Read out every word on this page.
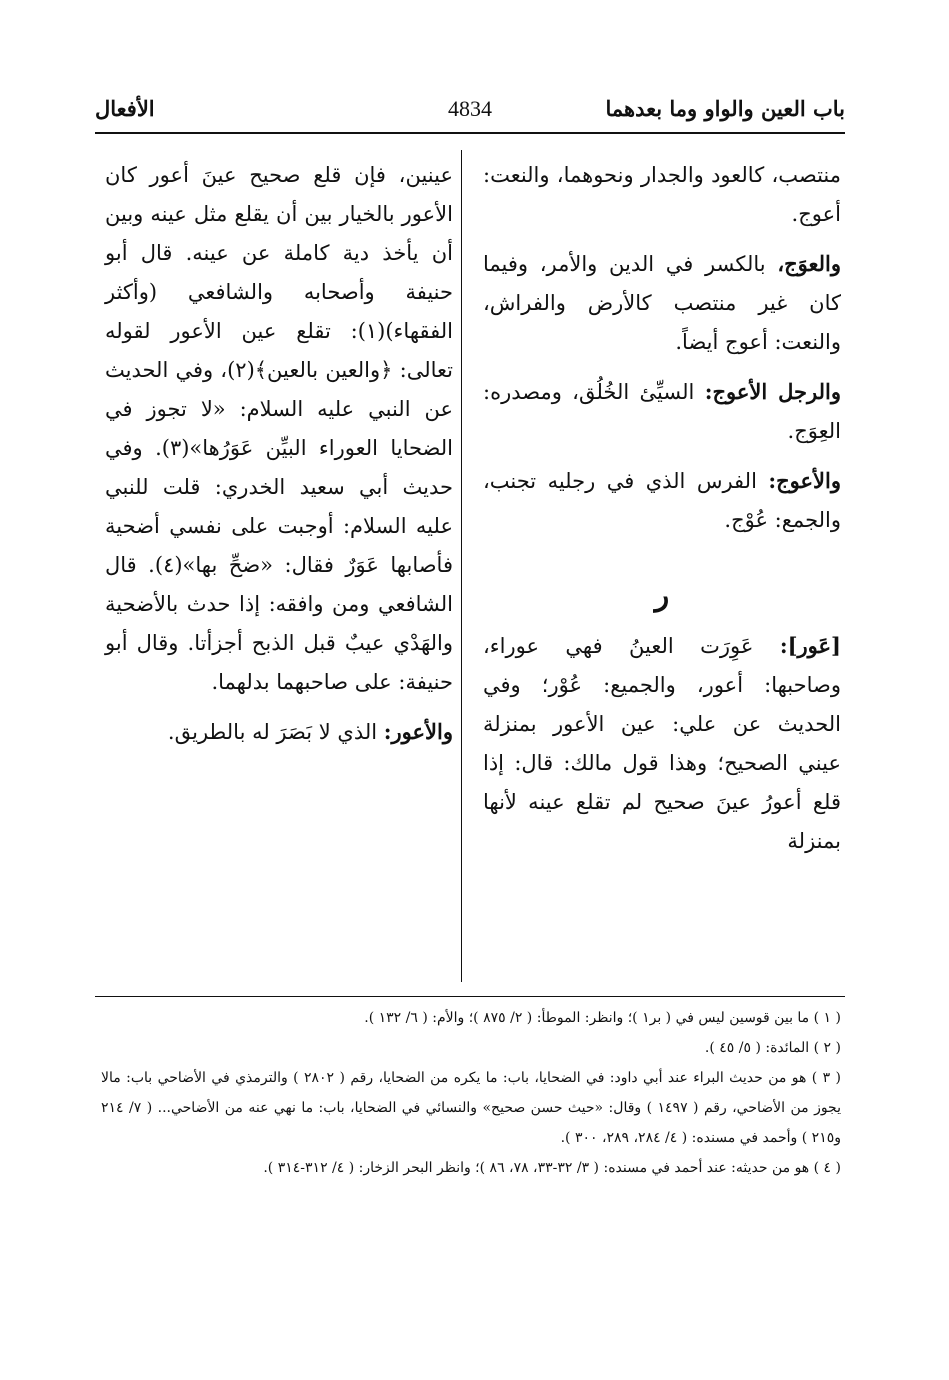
باب العين والواو وما بعدهما
4834
الأفعال

منتصب، كالعود والجدار ونحوهما، والنعت: أعوج.

والعوَج، بالكسر في الدين والأمر، وفيما كان غير منتصب كالأرض والفراش، والنعت: أعوج أيضاً.

والرجل الأعوج: السيِّئ الخُلُق، ومصدره: العِوَج.

والأعوج: الفرس الذي في رجليه تجنب، والجمع: عُوْج.

ر

[عَور]: عَوِرَت العينُ فهي عوراء، وصاحبها: أعور، والجميع: عُوْر؛ وفي الحديث عن علي: عين الأعور بمنزلة عيني الصحيح؛ وهذا قول مالك: قال: إذا قلع أعورُ عينَ صحيح لم تقلع عينه لأنها بمنزلة

عينين، فإن قلع صحيح عينَ أعور كان الأعور بالخيار بين أن يقلع مثل عينه وبين أن يأخذ دية كاملة عن عينه. قال أبو حنيفة وأصحابه والشافعي (وأكثر الفقهاء)(١): تقلع عين الأعور لقوله تعالى: ﴿والعين بالعين﴾(٢)، وفي الحديث عن النبي عليه السلام: «لا تجوز في الضحايا العوراء البيِّن عَوَرُها»(٣). وفي حديث أبي سعيد الخدري: قلت للنبي عليه السلام: أوجبت على نفسي أضحية فأصابها عَوَرٌ فقال: «ضحِّ بها»(٤). قال الشافعي ومن وافقه: إذا حدث بالأضحية والهَدْي عيبٌ قبل الذبح أجزأتا. وقال أبو حنيفة: على صاحبهما بدلهما.

والأعور: الذي لا بَصَرَ له بالطريق.

( ١ ) ما بين قوسين ليس في ( بر١ )؛ وانظر: الموطأ: ( ٢/ ٨٧٥ )؛ والأم: ( ٦/ ١٣٢ ).

( ٢ ) المائدة: ( ٥/ ٤٥ ).

( ٣ ) هو من حديث البراء عند أبي داود: في الضحايا، باب: ما يكره من الضحايا، رقم ( ٢٨٠٢ ) والترمذي في الأضاحي باب: مالا يجوز من الأضاحي، رقم ( ١٤٩٧ ) وقال: «حيث حسن صحيح» والنسائي في الضحايا، باب: ما نهي عنه من الأضاحي... ( ٧/ ٢١٤ و٢١٥ ) وأحمد في مسنده: ( ٤/ ٢٨٤، ٢٨٩، ٣٠٠ ).

( ٤ ) هو من حديثه: عند أحمد في مسنده: ( ٣/ ٣٢-٣٣، ٧٨، ٨٦ )؛ وانظر البحر الزخار: ( ٤/ ٣١٢-٣١٤ ).
